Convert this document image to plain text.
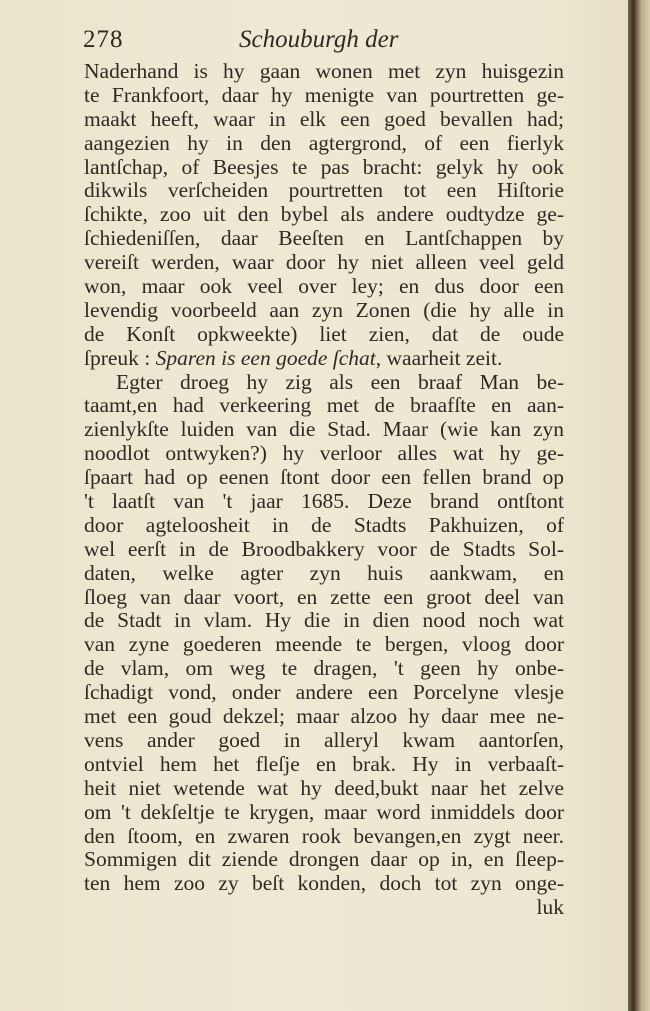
278	Schouburgh der
Naderhand is hy gaan wonen met zyn huisgezin
te Frankfoort, daar hy menigte van pourtretten ge-
maakt heeft, waar in elk een goed bevallen had;
aangezien hy in den agtergrond, of een fierlyk
lantſchap, of Beesjes te pas bracht: gelyk hy ook
dikwils verſcheiden pourtretten tot een Hiſtorie
ſchikte, zoo uit den bybel als andere oudtydze ge-
ſchiedeniſſen, daar Beeſten en Lantſchappen by
vereiſt werden, waar door hy niet alleen veel geld
won, maar ook veel over ley; en dus door een
levendig voorbeeld aan zyn Zonen (die hy alle in
de Konſt opkweekte) liet zien, dat de oude
ſpreuk : Sparen is een goede ſchat, waarheit zeit.
Egter droeg hy zig als een braaf Man be-
taamt,en had verkeering met de braafſte en aan-
zienlykſte luiden van die Stad. Maar (wie kan zyn
noodlot ontwyken?) hy verloor alles wat hy ge-
ſpaart had op eenen ſtont door een fellen brand op
't laatſt van 't jaar 1685. Deze brand ontſtont
door agteloosheit in de Stadts Pakhuizen, of
wel eerſt in de Broodbakkery voor de Stadts Sol-
daten, welke agter zyn huis aankwam, en
ſloeg van daar voort, en zette een groot deel van
de Stadt in vlam. Hy die in dien nood noch wat
van zyne goederen meende te bergen, vloog door
de vlam, om weg te dragen, 't geen hy onbe-
ſchadigt vond, onder andere een Porcelyne vlesje
met een goud dekzel; maar alzoo hy daar mee ne-
vens ander goed in alleryl kwam aantorſen,
ontviel hem het fleſje en brak. Hy in verbaaſt-
heit niet wetende wat hy deed,bukt naar het zelve
om 't dekſeltje te krygen, maar word inmiddels door
den ſtoom, en zwaren rook bevangen,en zygt neer.
Sommigen dit ziende drongen daar op in, en ſleep-
ten hem zoo zy beſt konden, doch tot zyn onge-
luk
